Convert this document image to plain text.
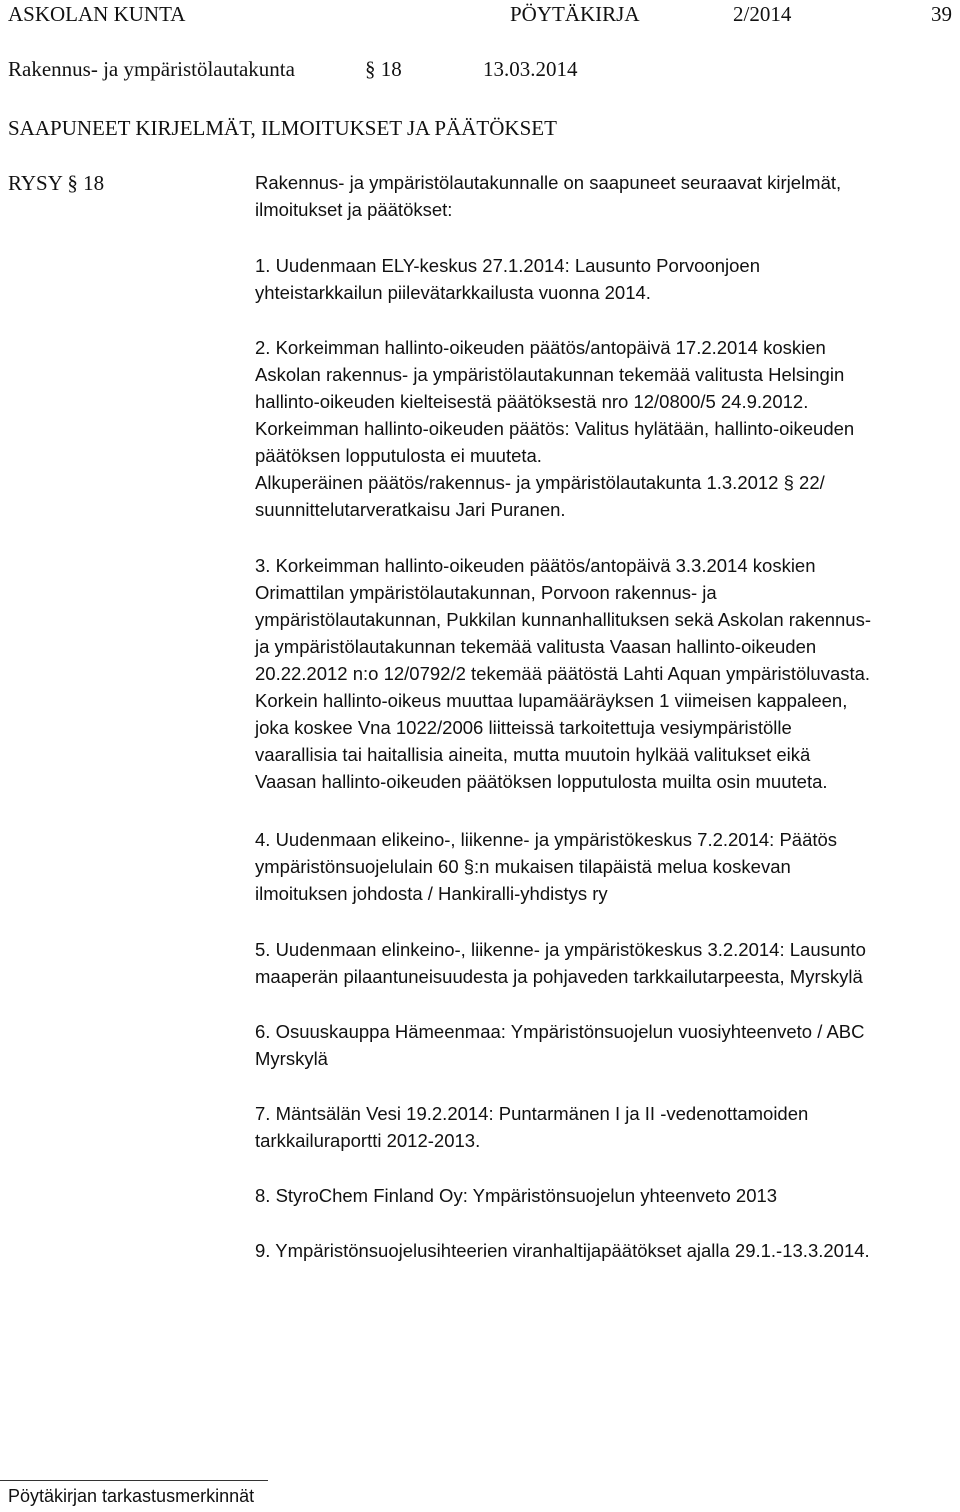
ASKOLAN KUNTA	PÖYTÄKIRJA	2/2014	39
Rakennus- ja ympäristölautakunta	§ 18	13.03.2014
SAAPUNEET KIRJELMÄT, ILMOITUKSET JA PÄÄTÖKSET
RYSY § 18	Rakennus- ja ympäristölautakunnalle on saapuneet seuraavat kirjelmät,
ilmoitukset ja päätökset:
1. Uudenmaan ELY-keskus 27.1.2014: Lausunto Porvoonjoen
yhteistarkkailun piilevätarkkailusta vuonna 2014.
2. Korkeimman hallinto-oikeuden päätös/antopäivä 17.2.2014 koskien
Askolan rakennus- ja ympäristölautakunnan tekemää valitusta Helsingin
hallinto-oikeuden kielteisestä päätöksestä nro 12/0800/5 24.9.2012.
Korkeimman hallinto-oikeuden päätös: Valitus hylätään, hallinto-oikeuden
päätöksen lopputulosta ei muuteta.
Alkuperäinen päätös/rakennus- ja ympäristölautakunta 1.3.2012 § 22/
suunnittelutarveratkaisu Jari Puranen.
3. Korkeimman hallinto-oikeuden päätös/antopäivä 3.3.2014 koskien
Orimattilan ympäristölautakunnan, Porvoon rakennus- ja
ympäristölautakunnan, Pukkilan kunnanhallituksen sekä Askolan rakennus-
ja ympäristölautakunnan tekemää valitusta Vaasan hallinto-oikeuden
20.22.2012 n:o 12/0792/2 tekemää päätöstä Lahti Aquan ympäristöluvasta.
Korkein hallinto-oikeus muuttaa lupamääräyksen 1 viimeisen kappaleen,
joka koskee Vna 1022/2006 liitteissä tarkoitettuja vesiympäristölle
vaarallisia tai haitallisia aineita, mutta muutoin hylkää valitukset eikä
Vaasan hallinto-oikeuden päätöksen lopputulosta muilta osin muuteta.
4. Uudenmaan elikeino-, liikenne- ja ympäristökeskus 7.2.2014: Päätös
ympäristönsuojelulain 60 §:n mukaisen tilapäistä melua koskevan
ilmoituksen johdosta / Hankiralli-yhdistys ry
5. Uudenmaan elinkeino-, liikenne- ja ympäristökeskus 3.2.2014: Lausunto
maaperän pilaantuneisuudesta ja pohjaveden tarkkailutarpeesta, Myrskylä
6. Osuuskauppa Hämeenmaa: Ympäristönsuojelun vuosiyhteenveto / ABC
Myrskylä
7. Mäntsälän Vesi 19.2.2014: Puntarmänen I ja II -vedenottamoiden
tarkkailuraportti 2012-2013.
8. StyroChem Finland Oy: Ympäristönsuojelun yhteenveto 2013
9. Ympäristönsuojelusihteerien viranhaltijapäätökset ajalla 29.1.-13.3.2014.
Pöytäkirjan tarkastusmerkinnät
